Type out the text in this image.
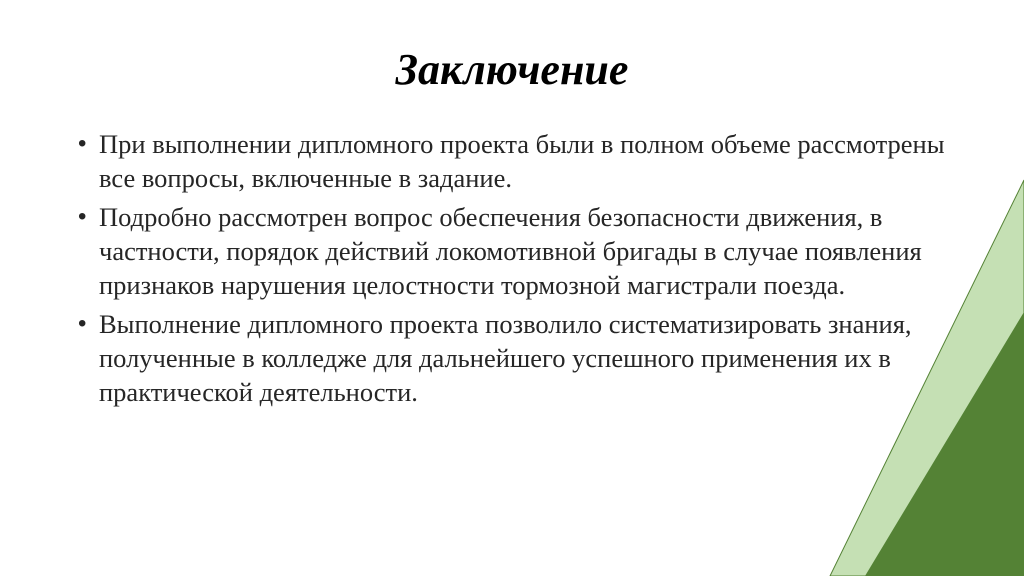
Заключение
• При выполнении дипломного проекта были в полном объеме рассмотрены все вопросы, включенные в задание.
• Подробно рассмотрен вопрос обеспечения безопасности движения, в частности, порядок действий локомотивной бригады в случае появления признаков нарушения целостности тормозной магистрали поезда.
• Выполнение дипломного проекта позволило систематизировать знания, полученные в колледже для дальнейшего успешного применения их в практической деятельности.
